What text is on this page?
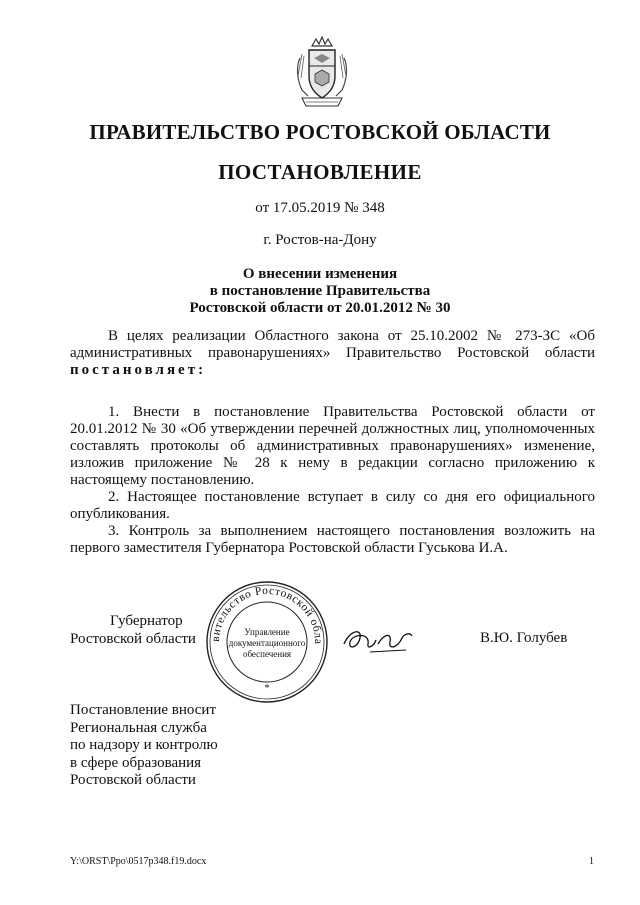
ПРАВИТЕЛЬСТВО РОСТОВСКОЙ ОБЛАСТИ
ПОСТАНОВЛЕНИЕ
от 17.05.2019 № 348
г. Ростов-на-Дону
О внесении изменения
в постановление Правительства
Ростовской области от 20.01.2012 № 30

В целях реализации Областного закона от 25.10.2002 № 273-ЗС «Об административных правонарушениях» Правительство Ростовской области

постановляет:

1. Внести в постановление Правительства Ростовской области от 20.01.2012 № 30 «Об утверждении перечней должностных лиц, уполномоченных составлять протоколы об административных правонарушениях» изменение, изложив приложение № 28 к нему в редакции согласно приложению к настоящему постановлению.

2. Настоящее постановление вступает в силу со дня его официального опубликования.

3. Контроль за выполнением настоящего постановления возложить на первого заместителя Губернатора Ростовской области Гуськова И.А.

Губернатор
Ростовской области	вительство Ростовской обла
Управление
документационного
обеспечения
*
В.Ю. Голубев
Постановление вносит
Региональная служба
по надзору и контролю
в сфере образования
Ростовской области
Y:\ORST\Ppo\0517p348.f19.docx	1
